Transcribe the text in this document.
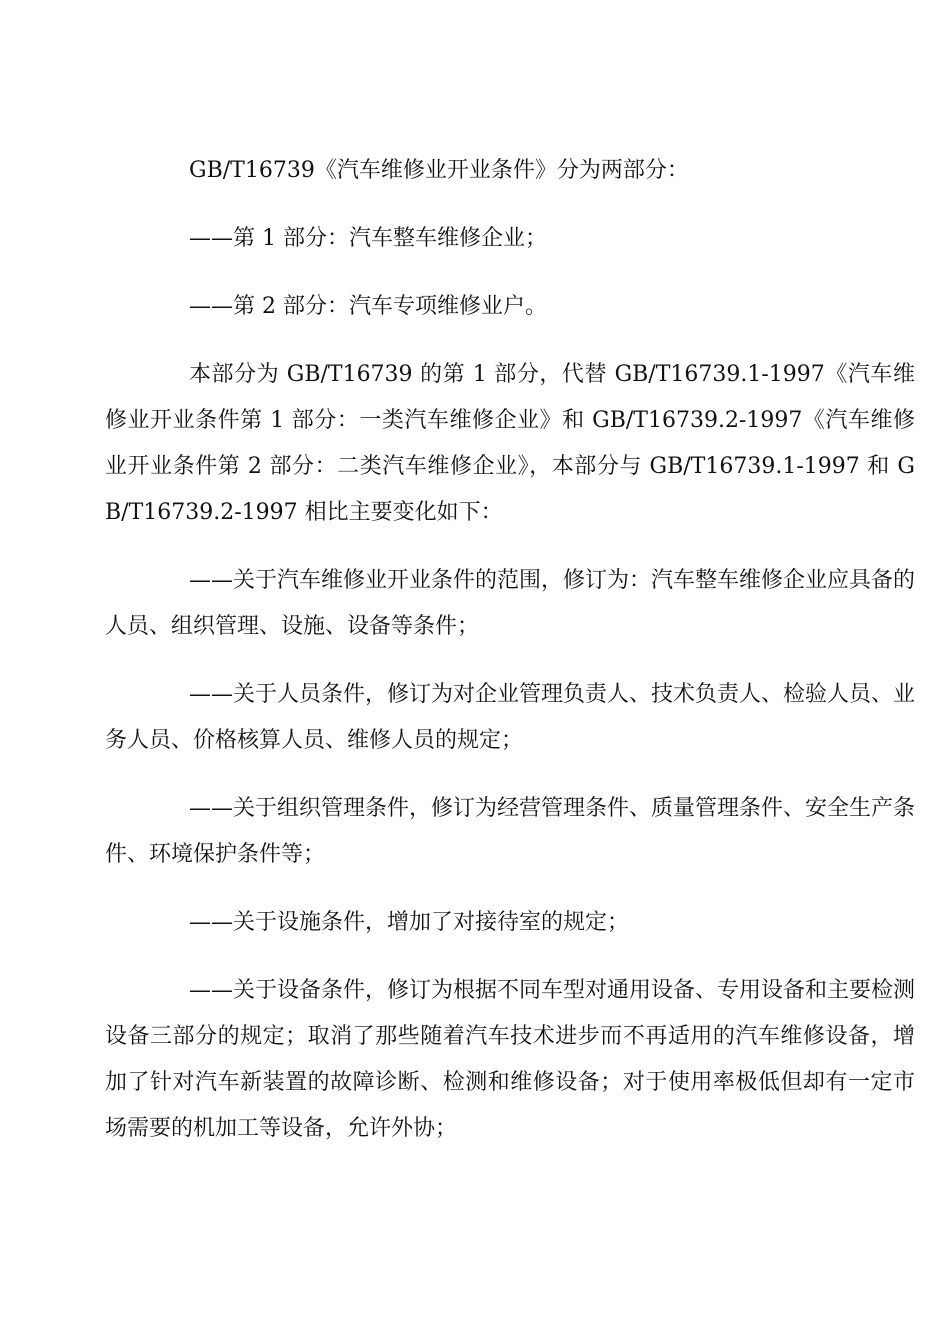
GB/T16739《汽车维修业开业条件》分为两部分：

——第 1 部分：汽车整车维修企业；

——第 2 部分：汽车专项维修业户。

本部分为 GB/T16739 的第 1 部分，代替 GB/T16739.1-1997《汽车维修业开业条件第 1 部分：一类汽车维修企业》和 GB/T16739.2-1997《汽车维修业开业条件第 2 部分：二类汽车维修企业》，本部分与 GB/T16739.1-1997 和 GB/T16739.2-1997 相比主要变化如下：

——关于汽车维修业开业条件的范围，修订为：汽车整车维修企业应具备的人员、组织管理、设施、设备等条件；

——关于人员条件，修订为对企业管理负责人、技术负责人、检验人员、业务人员、价格核算人员、维修人员的规定；

——关于组织管理条件，修订为经营管理条件、质量管理条件、安全生产条件、环境保护条件等；

——关于设施条件，增加了对接待室的规定；

——关于设备条件，修订为根据不同车型对通用设备、专用设备和主要检测设备三部分的规定；取消了那些随着汽车技术进步而不再适用的汽车维修设备，增加了针对汽车新装置的故障诊断、检测和维修设备；对于使用率极低但却有一定市场需要的机加工等设备，允许外协；
